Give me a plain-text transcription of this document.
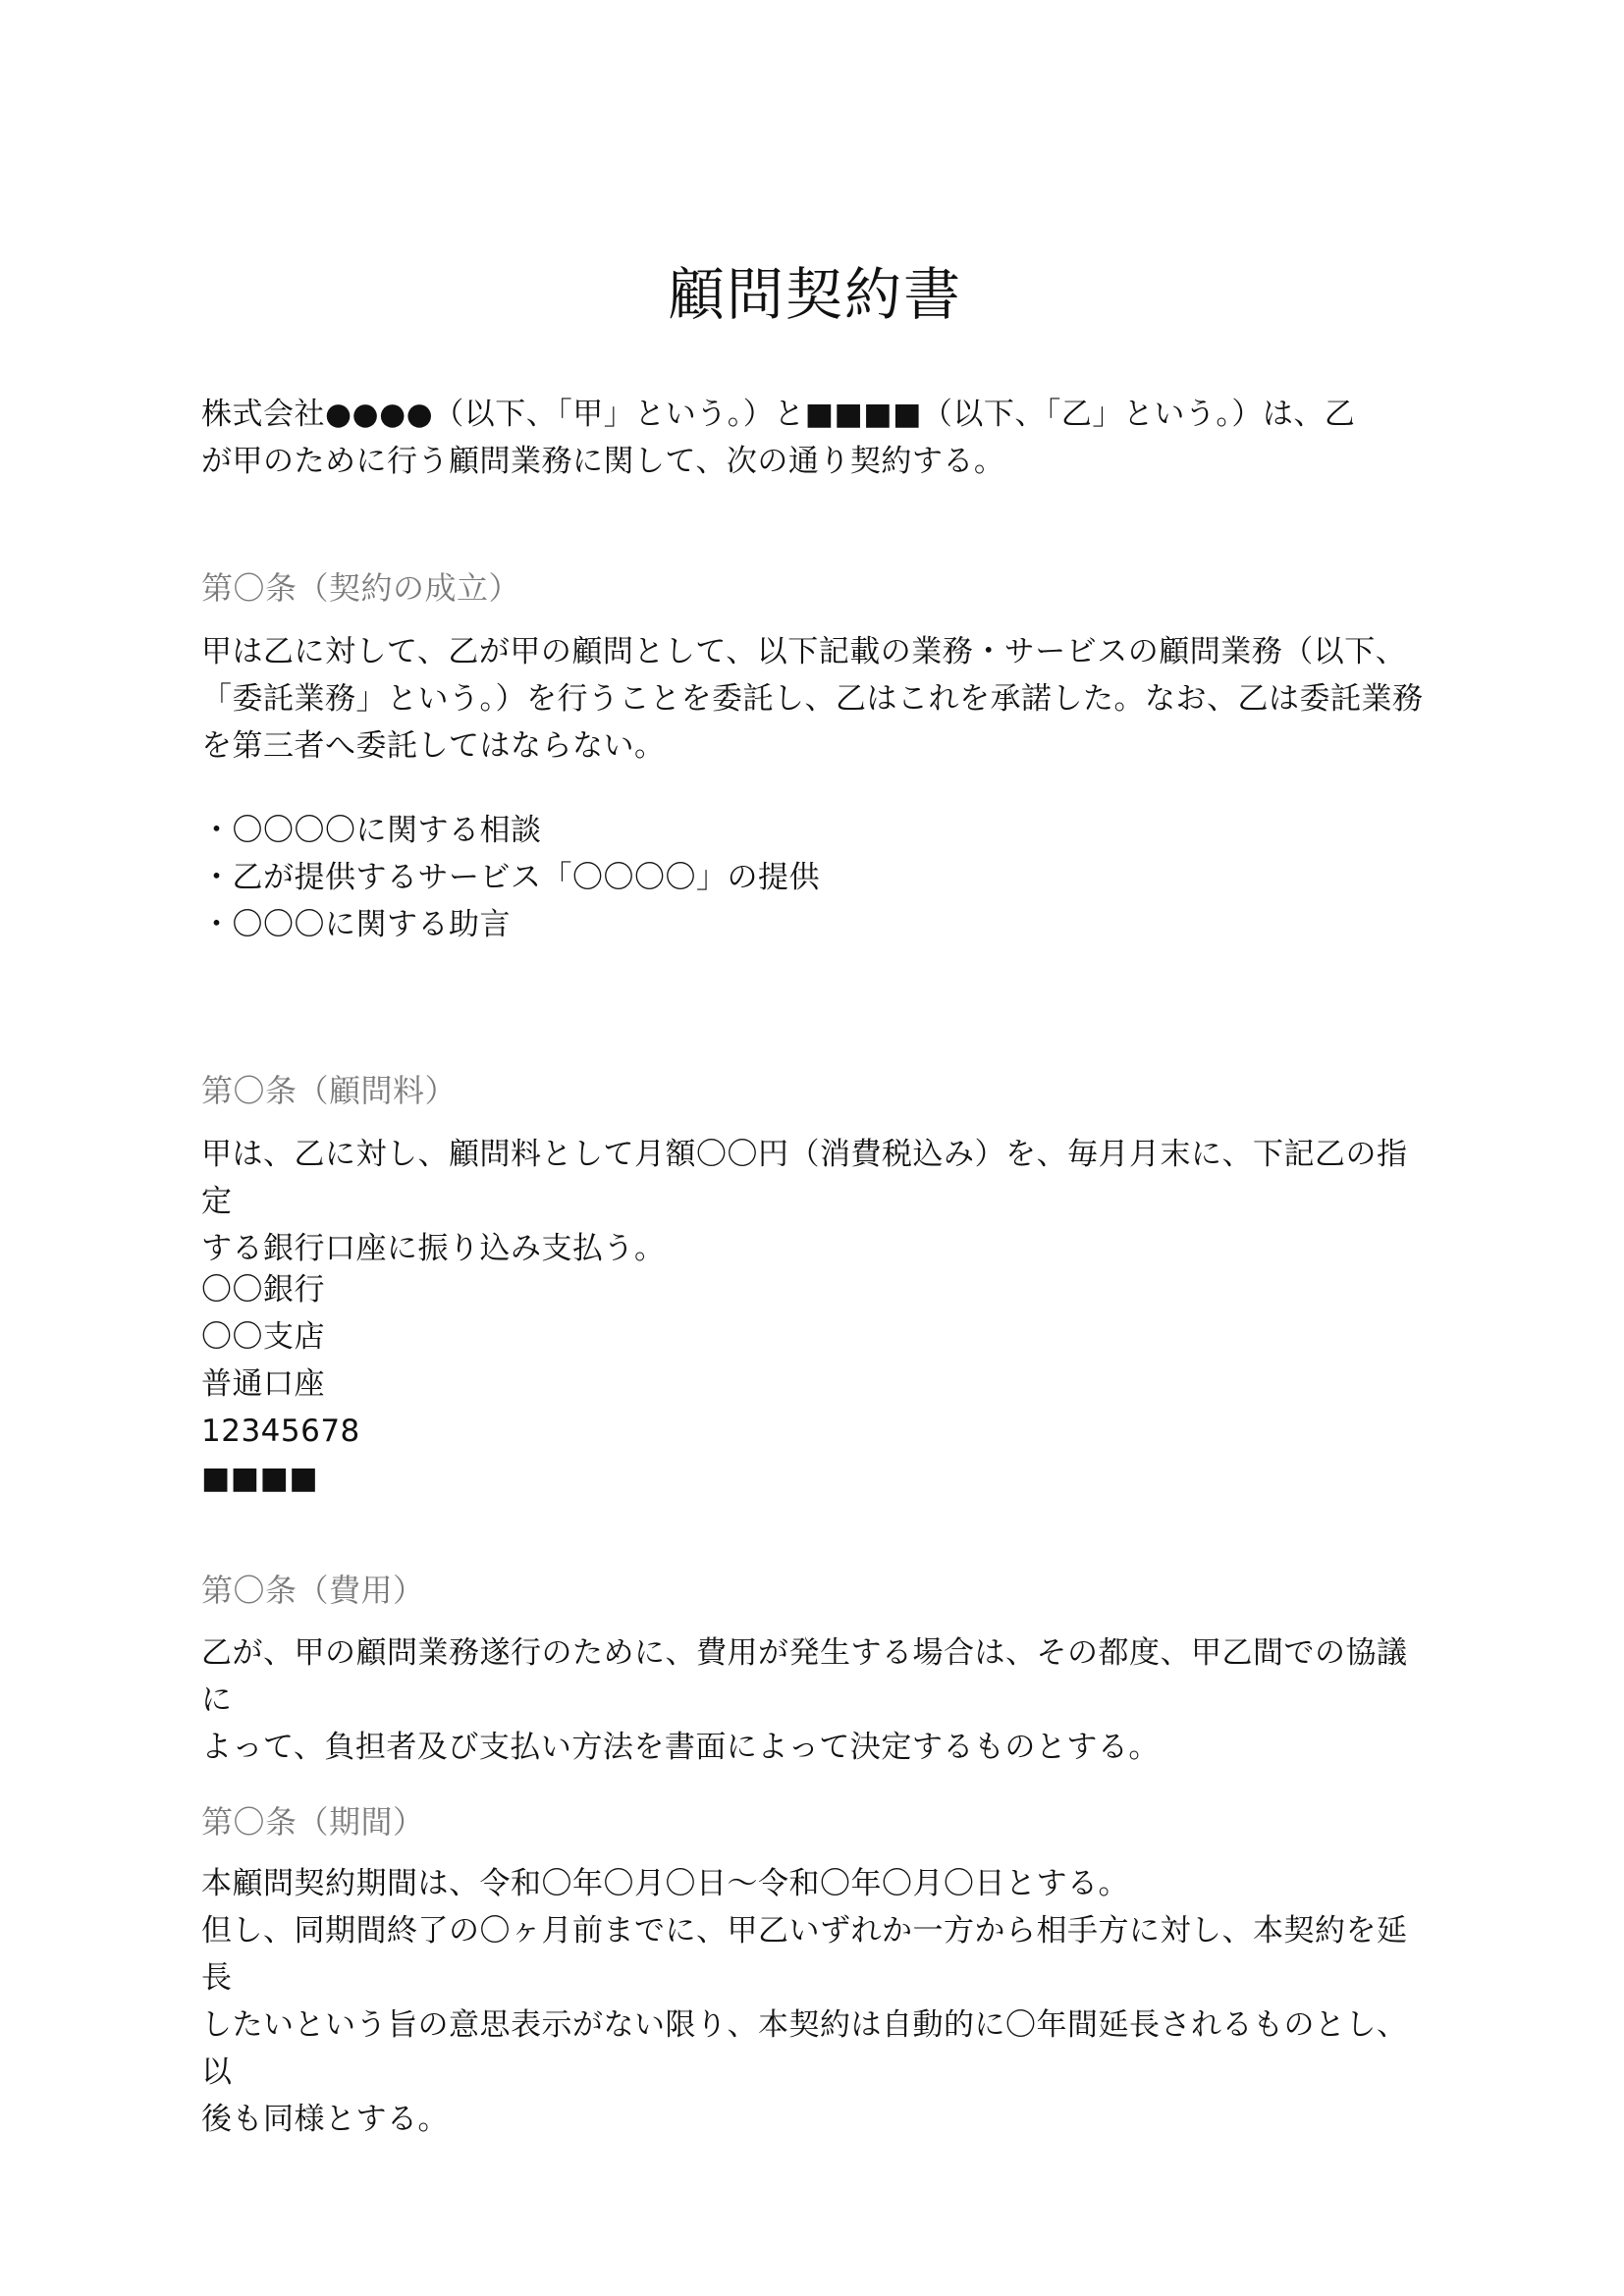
顧問契約書

株式会社●●●●（以下、「甲」という。）と■■■■（以下、「乙」という。）は、乙

が甲のために行う顧問業務に関して、次の通り契約する。

第〇条（契約の成立）

甲は乙に対して、乙が甲の顧問として、以下記載の業務・サービスの顧問業務（以下、

「委託業務」という。）を行うことを委託し、乙はこれを承諾した。なお、乙は委託業務

を第三者へ委託してはならない。

・〇〇〇〇に関する相談
・乙が提供するサービス「〇〇〇〇」の提供
・〇〇〇に関する助言
第〇条（顧問料）

甲は、乙に対し、顧問料として月額〇〇円（消費税込み）を、毎月月末に、下記乙の指定

する銀行口座に振り込み支払う。

〇〇銀行
〇〇支店
普通口座
12345678
■■■■
第〇条（費用）

乙が、甲の顧問業務遂行のために、費用が発生する場合は、その都度、甲乙間での協議に

よって、負担者及び支払い方法を書面によって決定するものとする。

第〇条（期間）

本顧問契約期間は、令和〇年〇月〇日〜令和〇年〇月〇日とする。

但し、同期間終了の〇ヶ月前までに、甲乙いずれか一方から相手方に対し、本契約を延長

したいという旨の意思表示がない限り、本契約は自動的に〇年間延長されるものとし、以

後も同様とする。
